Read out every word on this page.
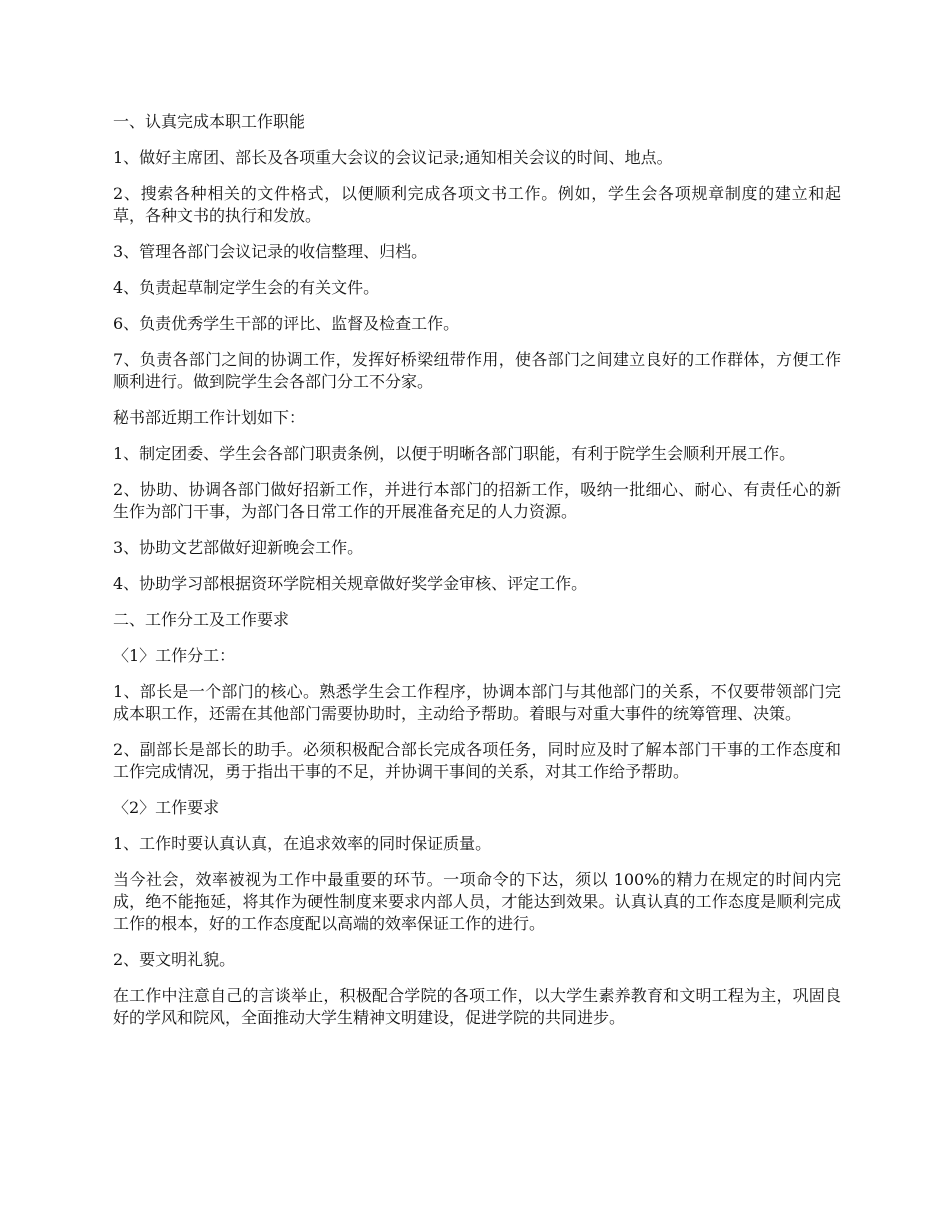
一、认真完成本职工作职能

1、做好主席团、部长及各项重大会议的会议记录;通知相关会议的时间、地点。

2、搜索各种相关的文件格式，以便顺利完成各项文书工作。例如，学生会各项规章制度的建立和起草，各种文书的执行和发放。

3、管理各部门会议记录的收信整理、归档。

4、负责起草制定学生会的有关文件。

6、负责优秀学生干部的评比、监督及检查工作。

7、负责各部门之间的协调工作，发挥好桥梁纽带作用，使各部门之间建立良好的工作群体，方便工作顺利进行。做到院学生会各部门分工不分家。

秘书部近期工作计划如下：

1、制定团委、学生会各部门职责条例，以便于明晰各部门职能，有利于院学生会顺利开展工作。

2、协助、协调各部门做好招新工作，并进行本部门的招新工作，吸纳一批细心、耐心、有责任心的新生作为部门干事，为部门各日常工作的开展准备充足的人力资源。

3、协助文艺部做好迎新晚会工作。

4、协助学习部根据资环学院相关规章做好奖学金审核、评定工作。

二、工作分工及工作要求

〈1〉工作分工：

1、部长是一个部门的核心。熟悉学生会工作程序，协调本部门与其他部门的关系，不仅要带领部门完成本职工作，还需在其他部门需要协助时，主动给予帮助。着眼与对重大事件的统筹管理、决策。

2、副部长是部长的助手。必须积极配合部长完成各项任务，同时应及时了解本部门干事的工作态度和工作完成情况，勇于指出干事的不足，并协调干事间的关系，对其工作给予帮助。

〈2〉工作要求

1、工作时要认真认真，在追求效率的同时保证质量。

当今社会，效率被视为工作中最重要的环节。一项命令的下达，须以 100%的精力在规定的时间内完成，绝不能拖延，将其作为硬性制度来要求内部人员，才能达到效果。认真认真的工作态度是顺利完成工作的根本，好的工作态度配以高端的效率保证工作的进行。

2、要文明礼貌。

在工作中注意自己的言谈举止，积极配合学院的各项工作，以大学生素养教育和文明工程为主，巩固良好的学风和院风，全面推动大学生精神文明建设，促进学院的共同进步。
